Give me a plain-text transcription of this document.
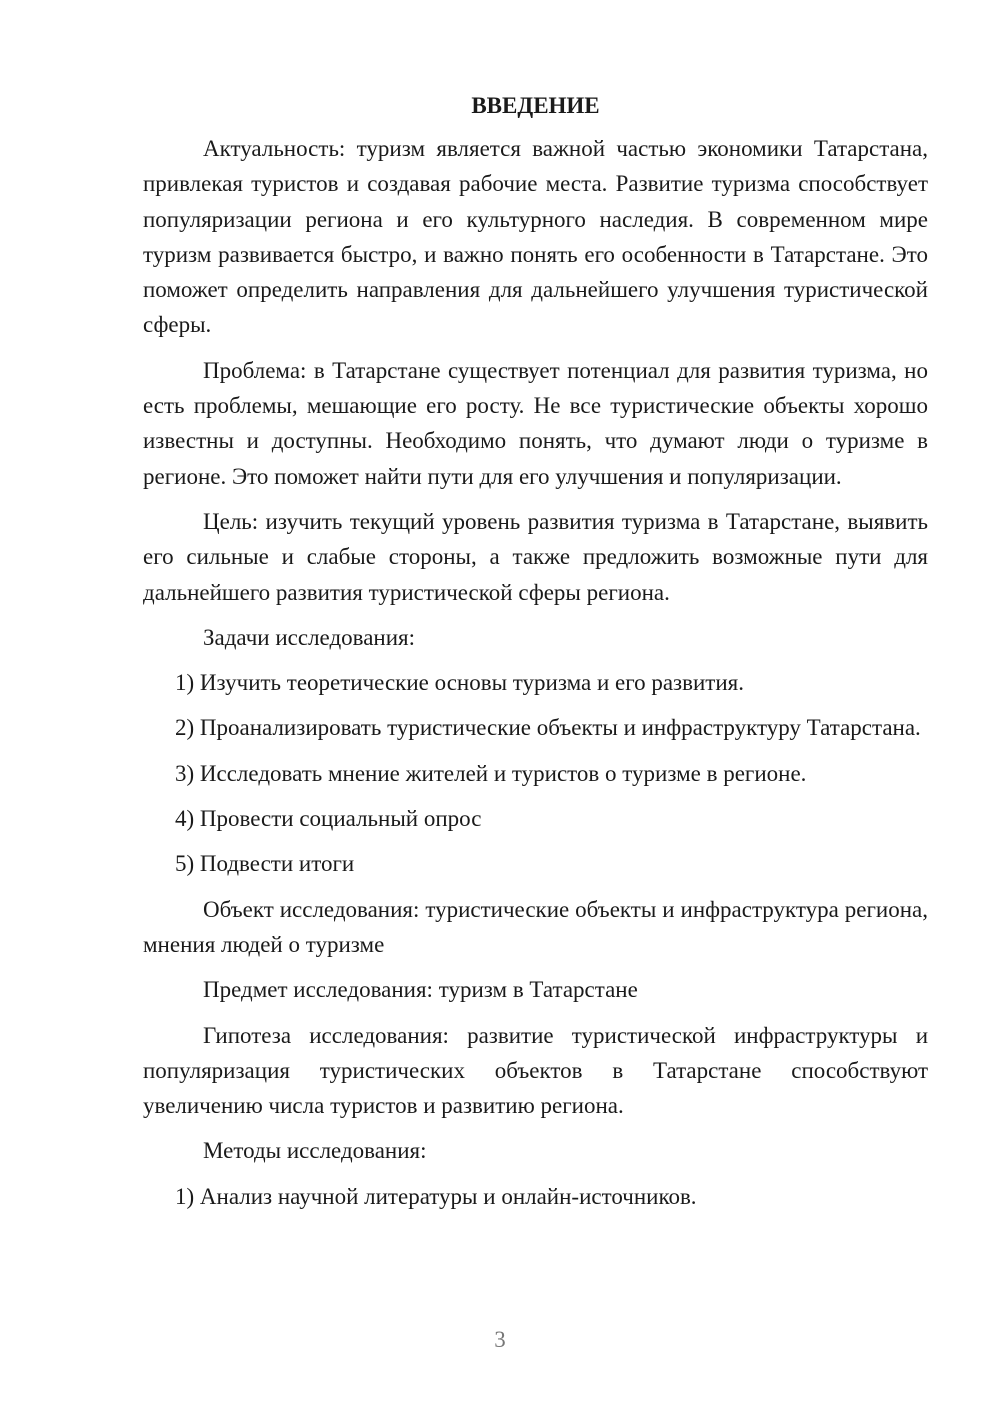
ВВЕДЕНИЕ

Актуальность: туризм является важной частью экономики Татарстана, привлекая туристов и создавая рабочие места. Развитие туризма способствует популяризации региона и его культурного наследия. В современном мире туризм развивается быстро, и важно понять его особенности в Татарстане. Это поможет определить направления для дальнейшего улучшения туристической сферы.

Проблема: в Татарстане существует потенциал для развития туризма, но есть проблемы, мешающие его росту. Не все туристические объекты хорошо известны и доступны. Необходимо понять, что думают люди о туризме в регионе. Это поможет найти пути для его улучшения и популяризации.

Цель: изучить текущий уровень развития туризма в Татарстане, выявить его сильные и слабые стороны, а также предложить возможные пути для дальнейшего развития туристической сферы региона.

Задачи исследования:

1) Изучить теоретические основы туризма и его развития.

2) Проанализировать туристические объекты и инфраструктуру Татарстана.

3) Исследовать мнение жителей и туристов о туризме в регионе.

4) Провести социальный опрос

5) Подвести итоги

Объект исследования: туристические объекты и инфраструктура региона, мнения людей о туризме

Предмет исследования: туризм в Татарстане

Гипотеза исследования: развитие туристической инфраструктуры и популяризация туристических объектов в Татарстане способствуют увеличению числа туристов и развитию региона.

Методы исследования:

1) Анализ научной литературы и онлайн-источников.

3
